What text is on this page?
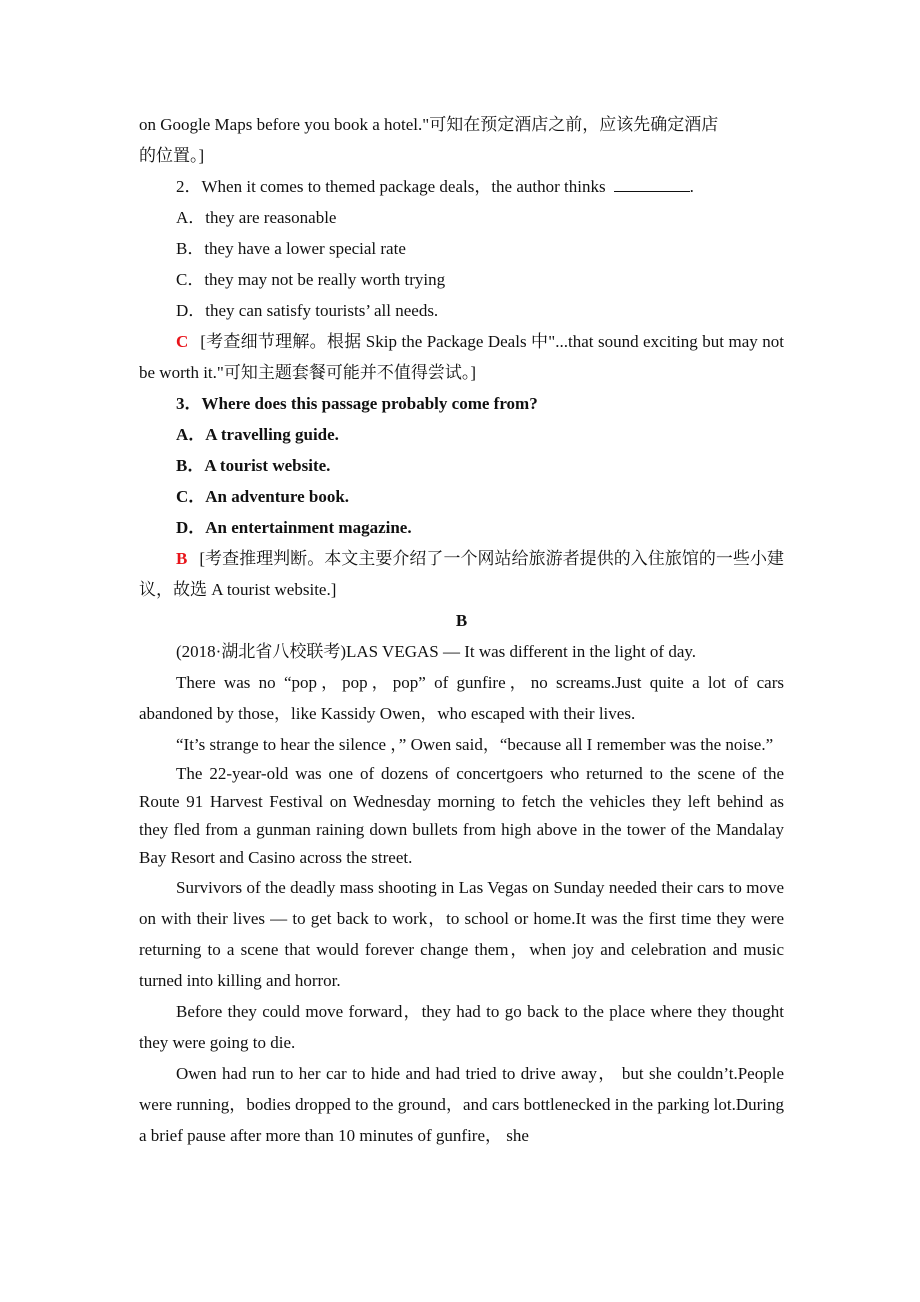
on Google Maps before you book a hotel."可知在预定酒店之前，应该先确定酒店
的位置。]

2．When it comes to themed package deals，the author thinks	.

A．they are reasonable

B．they have a lower special rate

C．they may not be really worth trying

D．they can satisfy tourists’ all needs.

C [考查细节理解。根据 Skip the Package Deals 中"...that sound exciting but may not be worth it."可知主题套餐可能并不值得尝试。]

3．Where does this passage probably come from?

A．A travelling guide.

B．A tourist website.

C．An adventure book.

D．An entertainment magazine.

B [考查推理判断。本文主要介绍了一个网站给旅游者提供的入住旅馆的一些小建议，故选 A tourist website.]

B

(2018·湖北省八校联考)LAS VEGAS — It was different in the light of day.

There was no “pop，pop，pop” of gunfire，no screams.Just quite a lot of cars abandoned by those，like Kassidy Owen，who escaped with their lives.

“It’s strange to hear the silence ，” Owen said，“because all I remember was the noise.”

The 22-year-old was one of dozens of concertgoers who returned to the scene of the Route 91 Harvest Festival on Wednesday morning to fetch the vehicles they left behind as they fled from a gunman raining down bullets from high above in the tower of the Mandalay Bay Resort and Casino across the street.

Survivors of the deadly mass shooting in Las Vegas on Sunday needed their cars to move on with their lives — to get back to work，to school or home.It was the first time they were returning to a scene that would forever change them，when joy and celebration and music turned into killing and horror.

Before they could move forward，they had to go back to the place where they thought they were going to die.

Owen had run to her car to hide and had tried to drive away， but she couldn’t.People were running，bodies dropped to the ground，and cars bottlenecked in the parking lot.During a brief pause after more than 10 minutes of gunfire， she
